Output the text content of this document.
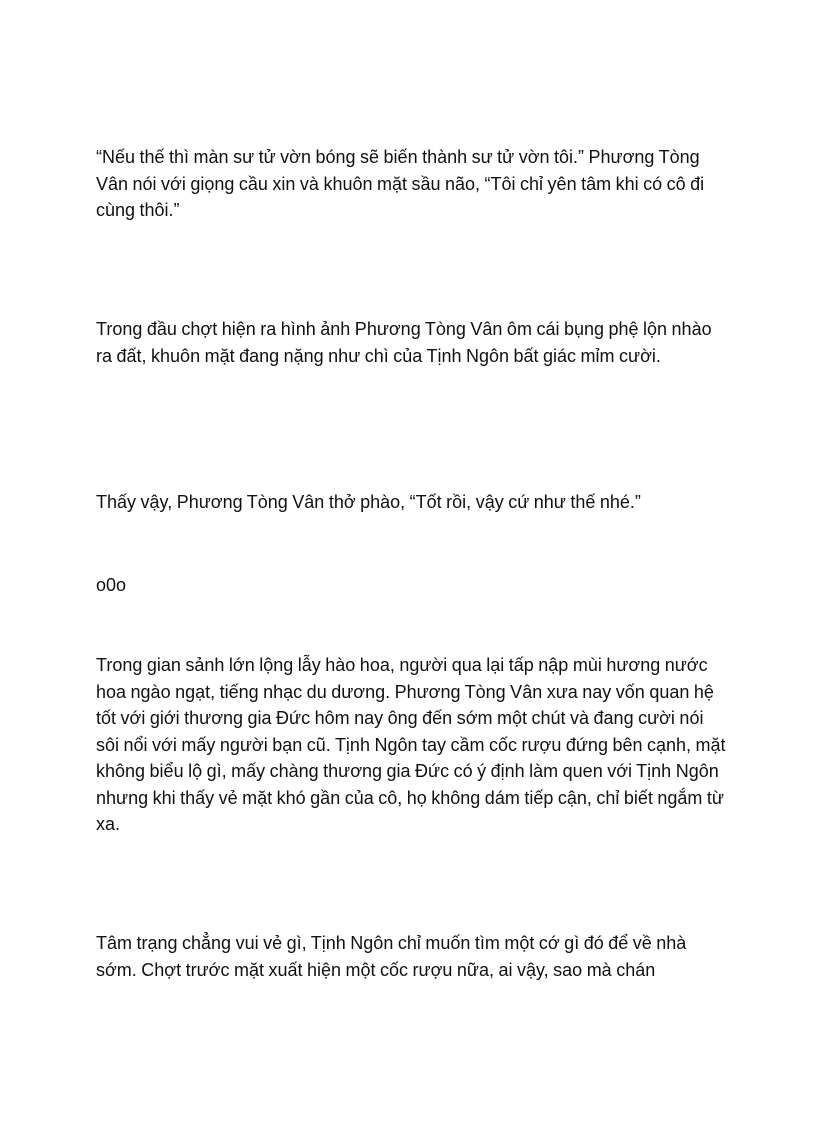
“Nếu thế thì màn sư tử vờn bóng sẽ biến thành sư tử vờn tôi.” Phương Tòng Vân nói với giọng cầu xin và khuôn mặt sầu não, “Tôi chỉ yên tâm khi có cô đi cùng thôi.”

Trong đầu chợt hiện ra hình ảnh Phương Tòng Vân ôm cái bụng phệ lộn nhào ra đất, khuôn mặt đang nặng như chì của Tịnh Ngôn bất giác mỉm cười.

Thấy vậy, Phương Tòng Vân thở phào, “Tốt rồi, vậy cứ như thế nhé.”

o0o

Trong gian sảnh lớn lộng lẫy hào hoa, người qua lại tấp nập mùi hương nước hoa ngào ngạt, tiếng nhạc du dương. Phương Tòng Vân xưa nay vốn quan hệ tốt với giới thương gia Đức hôm nay ông đến sớm một chút và đang cười nói sôi nổi với mấy người bạn cũ. Tịnh Ngôn tay cầm cốc rượu đứng bên cạnh, mặt không biểu lộ gì, mấy chàng thương gia Đức có ý định làm quen với Tịnh Ngôn nhưng khi thấy vẻ mặt khó gần của cô, họ không dám tiếp cận, chỉ biết ngắm từ xa.

Tâm trạng chẳng vui vẻ gì, Tịnh Ngôn chỉ muốn tìm một cớ gì đó để về nhà sớm. Chợt trước mặt xuất hiện một cốc rượu nữa, ai vậy, sao mà chán
